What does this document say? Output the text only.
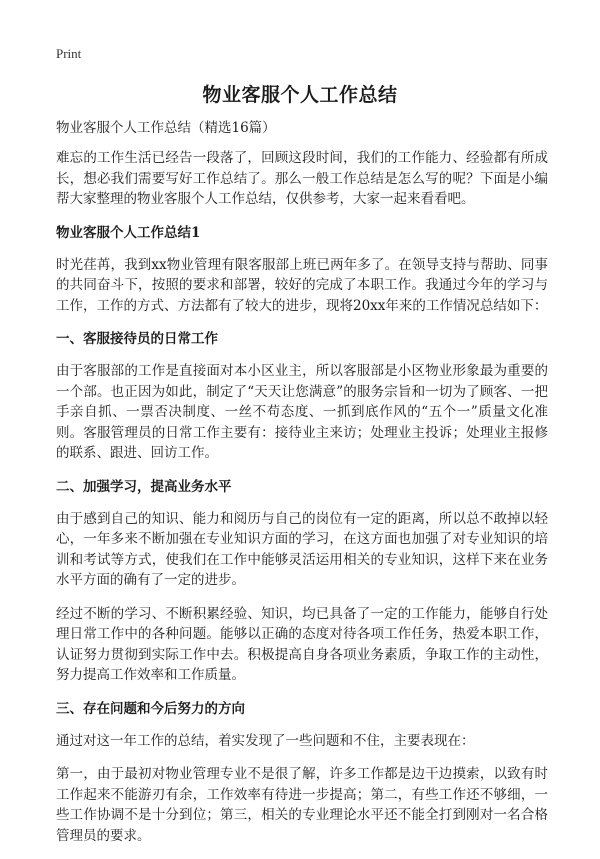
Print
物业客服个人工作总结
物业客服个人工作总结（精选16篇）

难忘的工作生活已经告一段落了，回顾这段时间，我们的工作能力、经验都有所成长，想必我们需要写好工作总结了。那么一般工作总结是怎么写的呢？下面是小编帮大家整理的物业客服个人工作总结，仅供参考，大家一起来看看吧。

物业客服个人工作总结1

时光荏苒，我到xx物业管理有限客服部上班已两年多了。在领导支持与帮助、同事的共同奋斗下，按照的要求和部署，较好的完成了本职工作。我通过今年的学习与工作，工作的方式、方法都有了较大的进步，现将20xx年来的工作情况总结如下：

一、客服接待员的日常工作

由于客服部的工作是直接面对本小区业主，所以客服部是小区物业形象最为重要的一个部。也正因为如此，制定了“天天让您满意”的服务宗旨和一切为了顾客、一把手亲自抓、一票否决制度、一丝不苟态度、一抓到底作风的“五个一”质量文化准则。客服管理员的日常工作主要有：接待业主来访；处理业主投诉；处理业主报修的联系、跟进、回访工作。

二、加强学习，提高业务水平

由于感到自己的知识、能力和阅历与自己的岗位有一定的距离，所以总不敢掉以轻心，一年多来不断加强在专业知识方面的学习，在这方面也加强了对专业知识的培训和考试等方式，使我们在工作中能够灵活运用相关的专业知识，这样下来在业务水平方面的确有了一定的进步。

经过不断的学习、不断积累经验、知识，均已具备了一定的工作能力，能够自行处理日常工作中的各种问题。能够以正确的态度对待各项工作任务，热爱本职工作，认证努力贯彻到实际工作中去。积极提高自身各项业务素质，争取工作的主动性，努力提高工作效率和工作质量。

三、存在问题和今后努力的方向

通过对这一年工作的总结，着实发现了一些问题和不住，主要表现在：

第一，由于最初对物业管理专业不是很了解，许多工作都是边干边摸索，以致有时工作起来不能游刃有余，工作效率有待进一步提高；第二，有些工作还不够细，一些工作协调不是十分到位；第三，相关的专业理论水平还不能全打到刚对一名合格管理员的要求。
